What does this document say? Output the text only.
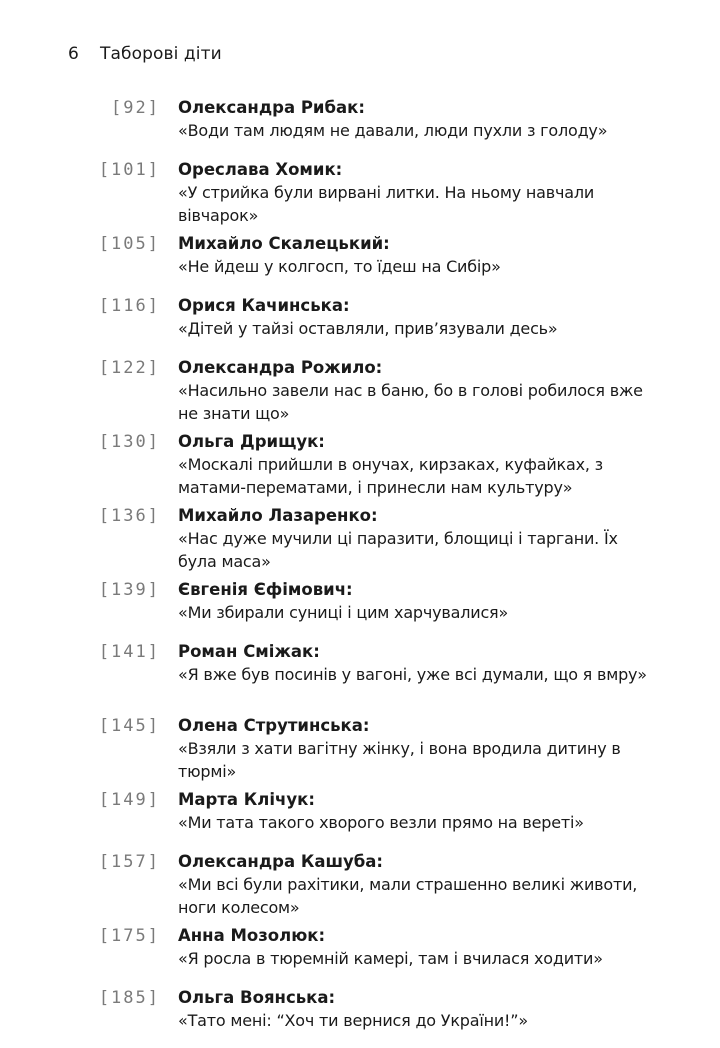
6 Таборові діти
[92] Олександра Рибак:
«Води там людям не давали, люди пухли з голоду»
[101] Орeслава Хомик:
«У стрийка були вирвані литки. На ньому навчали вівчарок»
[105] Михайло Скалецький:
«Не йдеш у колгосп, то їдеш на Сибір»
[116] Орися Качинська:
«Дітей у тайзі оставляли, прив’язували десь»
[122] Олександра Рожило:
«Насильно завели нас в баню, бо в голові робилося вже не знати що»
[130] Ольга Дрищук:
«Москалі прийшли в онучах, кирзаках, куфайках, з матами-перематами, і принесли нам культуру»
[136] Михайло Лазаренко:
«Нас дуже мучили ці паразити, блощиці і таргани. Їх була маса»
[139] Євгенія Єфімович:
«Ми збирали суниці і цим харчувалися»
[141] Роман Сміжак:
«Я вже був посинів у вагоні, уже всі думали, що я вмру»
[145] Олена Струтинська:
«Взяли з хати вагітну жінку, і вона вродила дитину в тюрмі»
[149] Марта Клічук:
«Ми тата такого хворого везли прямо на вереті»
[157] Олександра Кашуба:
«Ми всі були рахітики, мали страшенно великі животи, ноги колесом»
[175] Анна Мозолюк:
«Я росла в тюремній камері, там і вчилася ходити»
[185] Ольга Воянська:
«Тато мені: “Хоч ти вернися до України!”»
